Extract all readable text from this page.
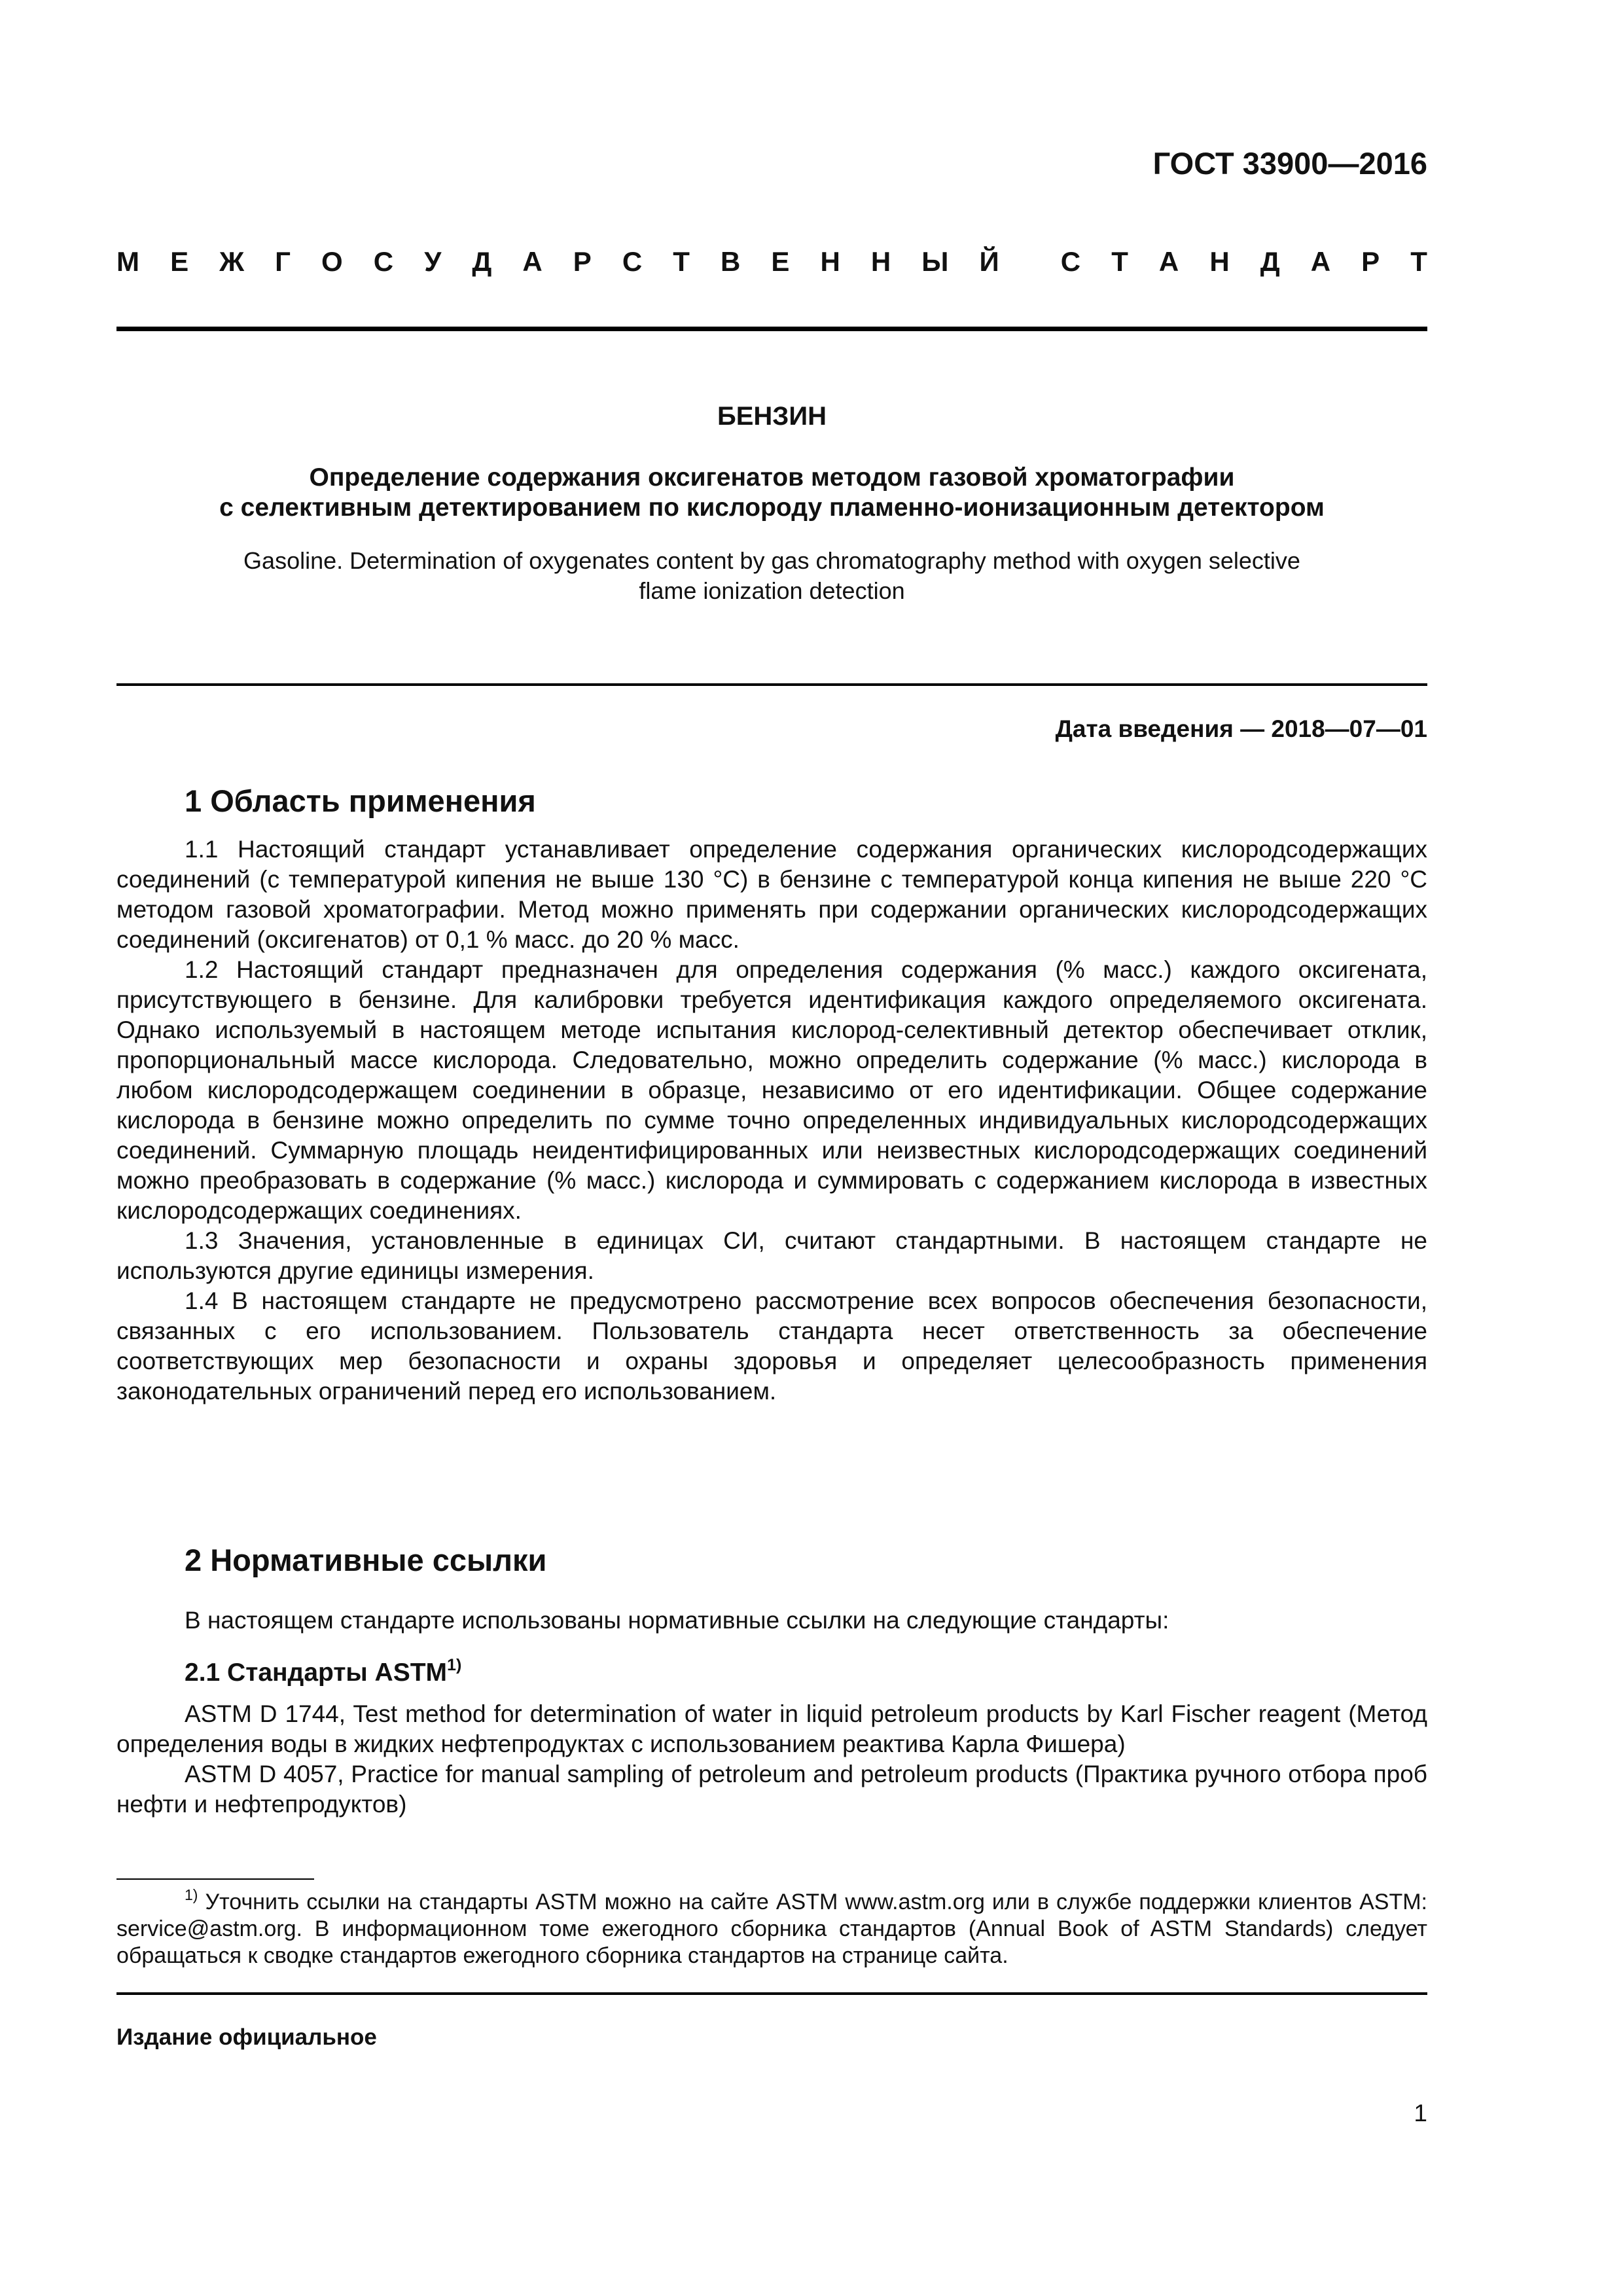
ГОСТ 33900—2016
М Е Ж Г О С У Д А Р С Т В Е Н Н Ы Й С Т А Н Д А Р Т
БЕНЗИН
Определение содержания оксигенатов методом газовой хроматографии
с селективным детектированием по кислороду пламенно-ионизационным детектором
Gasoline. Determination of oxygenates content by gas chromatography method with oxygen selective
flame ionization detection
Дата введения — 2018—07—01
1 Область применения

1.1 Настоящий стандарт устанавливает определение содержания органических кислородсодержащих соединений (с температурой кипения не выше 130 °С) в бензине с температурой конца кипения не выше 220 °С методом газовой хроматографии. Метод можно применять при содержании органических кислородсодержащих соединений (оксигенатов) от 0,1 % масс. до 20 % масс.

1.2 Настоящий стандарт предназначен для определения содержания (% масс.) каждого оксигената, присутствующего в бензине. Для калибровки требуется идентификация каждого определяемого оксигената. Однако используемый в настоящем методе испытания кислород-селективный детектор обеспечивает отклик, пропорциональный массе кислорода. Следовательно, можно определить содержание (% масс.) кислорода в любом кислородсодержащем соединении в образце, независимо от его идентификации. Общее содержание кислорода в бензине можно определить по сумме точно определенных индивидуальных кислородсодержащих соединений. Суммарную площадь неидентифицированных или неизвестных кислородсодержащих соединений можно преобразовать в содержание (% масс.) кислорода и суммировать с содержанием кислорода в известных кислородсодержащих соединениях.

1.3 Значения, установленные в единицах СИ, считают стандартными. В настоящем стандарте не используются другие единицы измерения.

1.4 В настоящем стандарте не предусмотрено рассмотрение всех вопросов обеспечения безопасности, связанных с его использованием. Пользователь стандарта несет ответственность за обеспечение соответствующих мер безопасности и охраны здоровья и определяет целесообразность применения законодательных ограничений перед его использованием.

2 Нормативные ссылки
В настоящем стандарте использованы нормативные ссылки на следующие стандарты:
2.1 Стандарты ASTM$^{1)}$

ASTM D 1744, Test method for determination of water in liquid petroleum products by Karl Fischer reagent (Метод определения воды в жидких нефтепродуктах с использованием реактива Карла Фишера)

ASTM D 4057, Practice for manual sampling of petroleum and petroleum products (Практика ручного отбора проб нефти и нефтепродуктов)

$^{1)}$ Уточнить ссылки на стандарты ASTM можно на сайте ASTM www.astm.org или в службе поддержки клиентов ASTM: service@astm.org. В информационном томе ежегодного сборника стандартов (Annual Book of ASTM Standards) следует обращаться к сводке стандартов ежегодного сборника стандартов на странице сайта.
Издание официальное
1
